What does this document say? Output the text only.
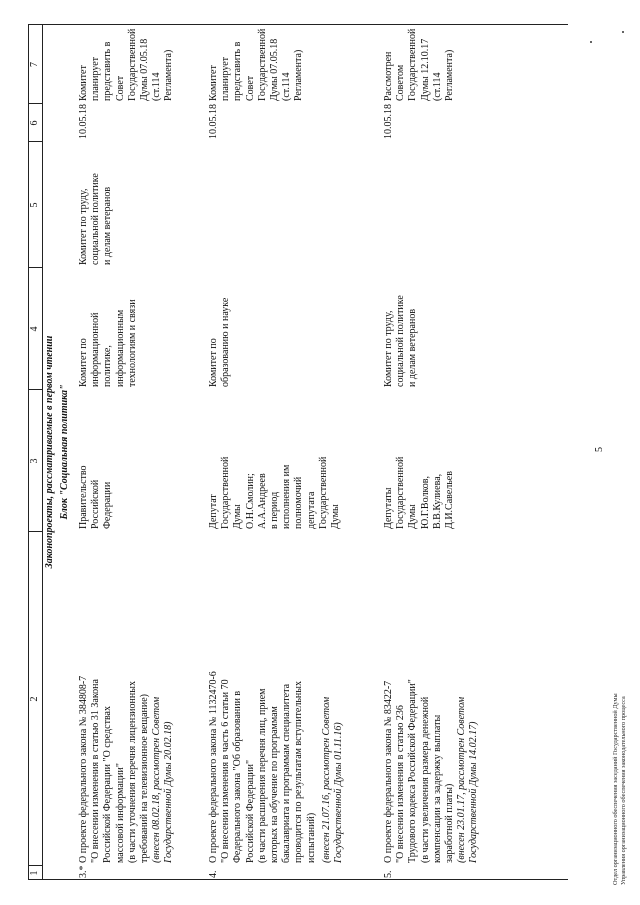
5
1
2
3
4
5
6
7
Законопроекты, рассматриваемые в первом чтении Блок "Социальная политика"
3.*
О проекте федерального закона № 384808-7
"О внесении изменения в статью 31 Закона
Российской Федерации "О средствах
массовой информации"
(в части уточнения перечня лицензионных
требований на телевизионное вещание)
(внесен 08.02.18, рассмотрен Советом
Государственной Думы 20.02.18)
Правительство
Российской
Федерации
Комитет по
информационной
политике,
информационным
технологиям и связи
Комитет по труду,
социальной политике
и делам ветеранов
10.05.18
Комитет планирует
представить в Совет
Государственной
Думы 07.05.18
(ст.114 Регламента)
4.
О проекте федерального закона № 1132470-6
"О внесении изменения в часть 6 статьи 70
Федерального закона "Об образовании в
Российской Федерации"
(в части расширения перечня лиц, прием
которых на обучение по программам
бакалавриата и программам специалитета
проводится по результатам вступительных
испытаний) (внесен 21.07.16, рассмотрен Советом
Государственной Думы 01.11.16)
Депутат
Государственной
Думы
О.Н.Смолин;
А.А.Андреев
в период
исполнения им
полномочий
депутата
Государственной
Думы
Комитет по
образованию и науке
10.05.18
Комитет планирует
представить в Совет
Государственной
Думы 07.05.18
(ст.114 Регламента)
5.
О проекте федерального закона № 83422-7
"О внесении изменения в статью 236
Трудового кодекса Российской Федерации"
(в части увеличения размера денежной
компенсации за задержку выплаты
заработной платы)
(внесен 23.01.17, рассмотрен Советом
Государственной Думы 14.02.17)
Депутаты
Государственной
Думы
Ю.Г.Волков,
В.В.Кулиева,
Д.И.Савельев
Комитет по труду,
социальной политике
и делам ветеранов
10.05.18
Рассмотрен
Советом
Государственной
Думы 12.10.17
(ст.114 Регламента)
Отдел организационного обеспечения заседаний Государственной Думы Управления организационного обеспечения законодательного процесса
